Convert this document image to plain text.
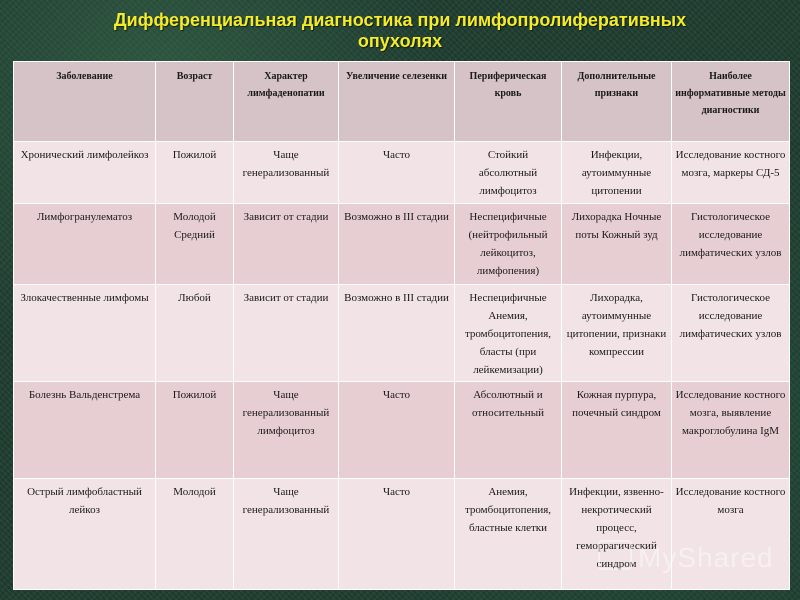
Дифференциальная диагностика при лимфопролиферативных
опухолях
Заболевание	Возраст	Характер лимфаденопатии	Увеличение селезенки	Периферическая кровь	Дополнительные признаки	Наиболее информативные методы диагностики
Хронический лимфолейкоз	Пожилой	Чаще генерализованный	Часто	Стойкий абсолютный лимфоцитоз	Инфекции, аутоиммунные цитопении	Исследование костного мозга, маркеры СД-5
Лимфогранулематоз	Молодой Средний	Зависит от стадии	Возможно в III стадии	Неспецифичные (нейтрофильный лейкоцитоз, лимфопения)	Лихорадка Ночные поты Кожный зуд	Гистологическое исследование лимфатических узлов
Злокачественные лимфомы	Любой	Зависит от стадии	Возможно в III стадии	Неспецифичные Анемия, тромбоцитопения, бласты (при лейкемизации)	Лихорадка, аутоиммунные цитопении, признаки компрессии	Гистологическое исследование лимфатических узлов
Болезнь Вальденстрема	Пожилой	Чаще генерализованный лимфоцитоз	Часто	Абсолютный и относительный	Кожная пурпура, почечный синдром	Исследование костного мозга, выявление макроглобулина IgM
Острый лимфобластный лейкоз	Молодой	Чаще генерализованный	Часто	Анемия, тромбоцитопения, бластные клетки	Инфекции, язвенно-некротический процесс, геморрагический синдром	Исследование костного мозга
MyShared
